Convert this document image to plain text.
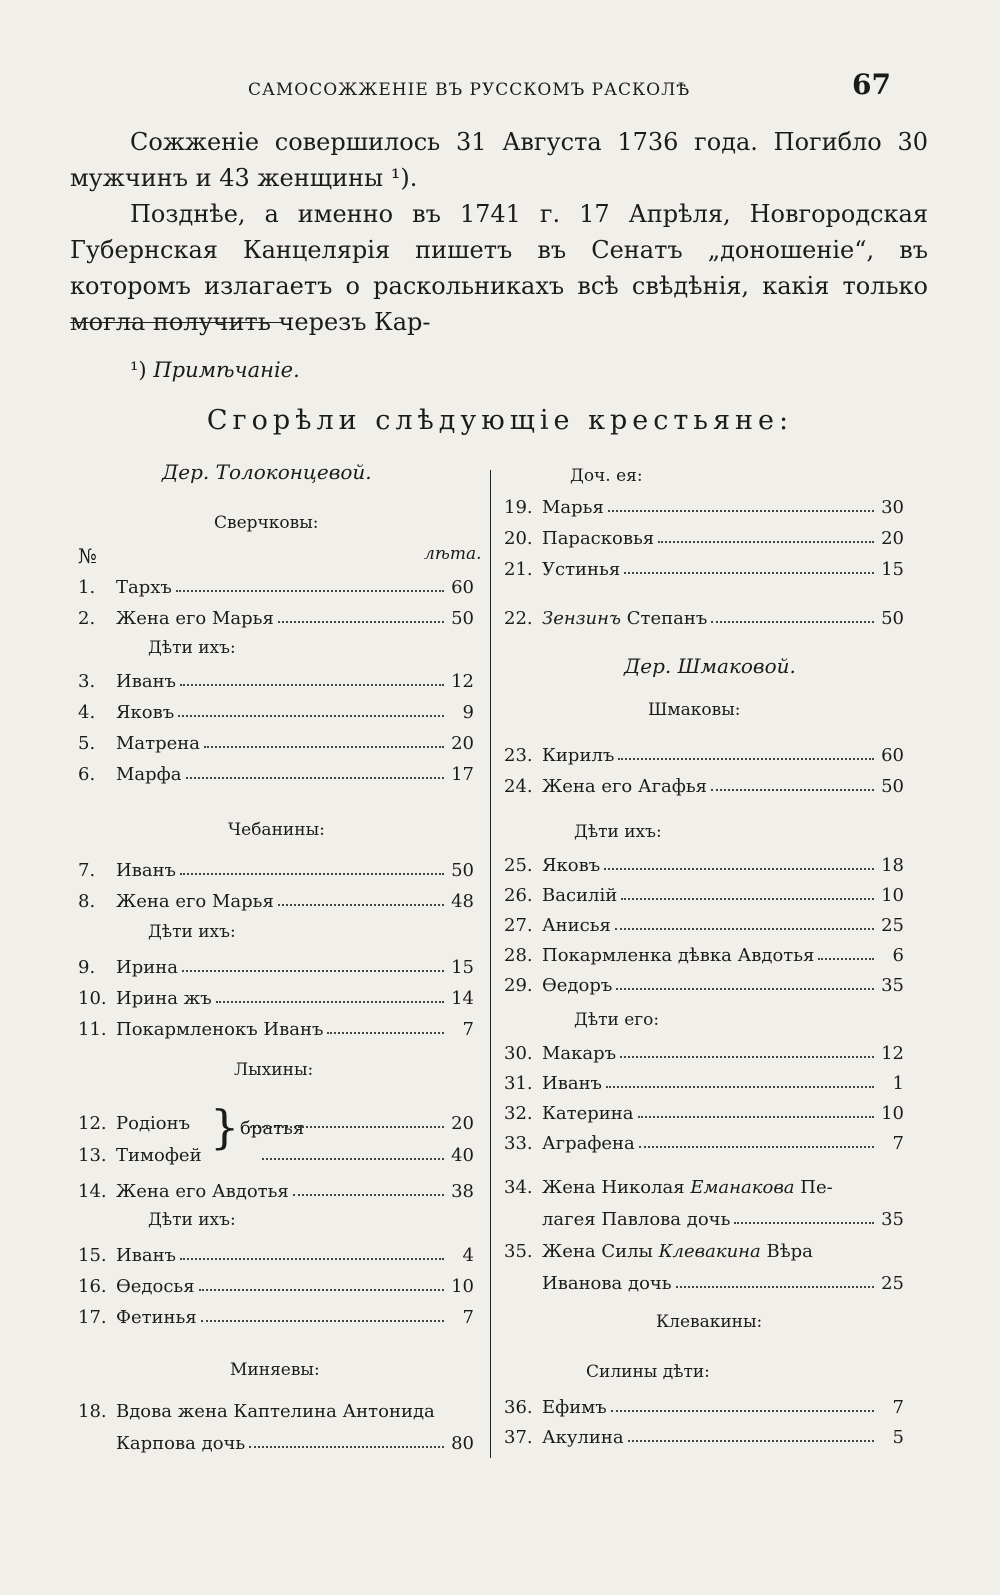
САМОСОЖЖЕНІЕ ВЪ РУССКОМЪ РАСКОЛѢ	67

Сожженіе совершилось 31 Августа 1736 года. Погибло 30 мужчинъ и 43 женщины ¹).

Позднѣе, а именно въ 1741 г. 17 Апрѣля, Новгородская Губернская Канцелярія пишетъ въ Сенатъ „доношеніе“, въ которомъ излагаетъ о раскольникахъ всѣ свѣдѣнія, какія только могла получить черезъ Кар-

¹) Примѣчаніе.
Сгорѣли слѣдующіе крестьяне:
Дер. Толоконцевой.
Сверчковы:
№	лѣта.
1.	Тархъ	60
2.	Жена его Марья	50
Дѣти ихъ:
3.	Иванъ	12
4.	Яковъ	9
5.	Матрена	20
6.	Марфа	17
Чебанины:
7.	Иванъ	50
8.	Жена его Марья	48
Дѣти ихъ:
9.	Ирина	15
10. Ирина жъ	14
11. Покармленокъ Иванъ	7
Лыхины:
12. Родіонъ	20
13. Тимофей	40
} братья
14. Жена его Авдотья	38
Дѣти ихъ:
15. Иванъ	4
16. Ѳедосья	10
17. Фетинья	7
Миняевы:
18. Вдова жена Каптелина Антонида
Карпова дочь	80
Доч. ея:
19. Марья	30
20. Парасковья	20
21. Устинья	15
22. Зензинъ Степанъ	50
Дер. Шмаковой.
Шмаковы:
23. Кирилъ	60
24. Жена его Агафья	50
Дѣти ихъ:
25. Яковъ	18
26. Василій	10
27. Анисья	25
28. Покармленка дѣвка Авдотья	6
29. Ѳедоръ	35
Дѣти его:
30. Макаръ	12
31. Иванъ	1
32. Катерина	10
33. Аграфена	7
34. Жена Николая Еманакова Пе-
лагея Павлова дочь	35
35. Жена Силы Клевакина Вѣра
Иванова дочь	25
Клевакины:
Силины дѣти:
36. Ефимъ	7
37. Акулина	5
